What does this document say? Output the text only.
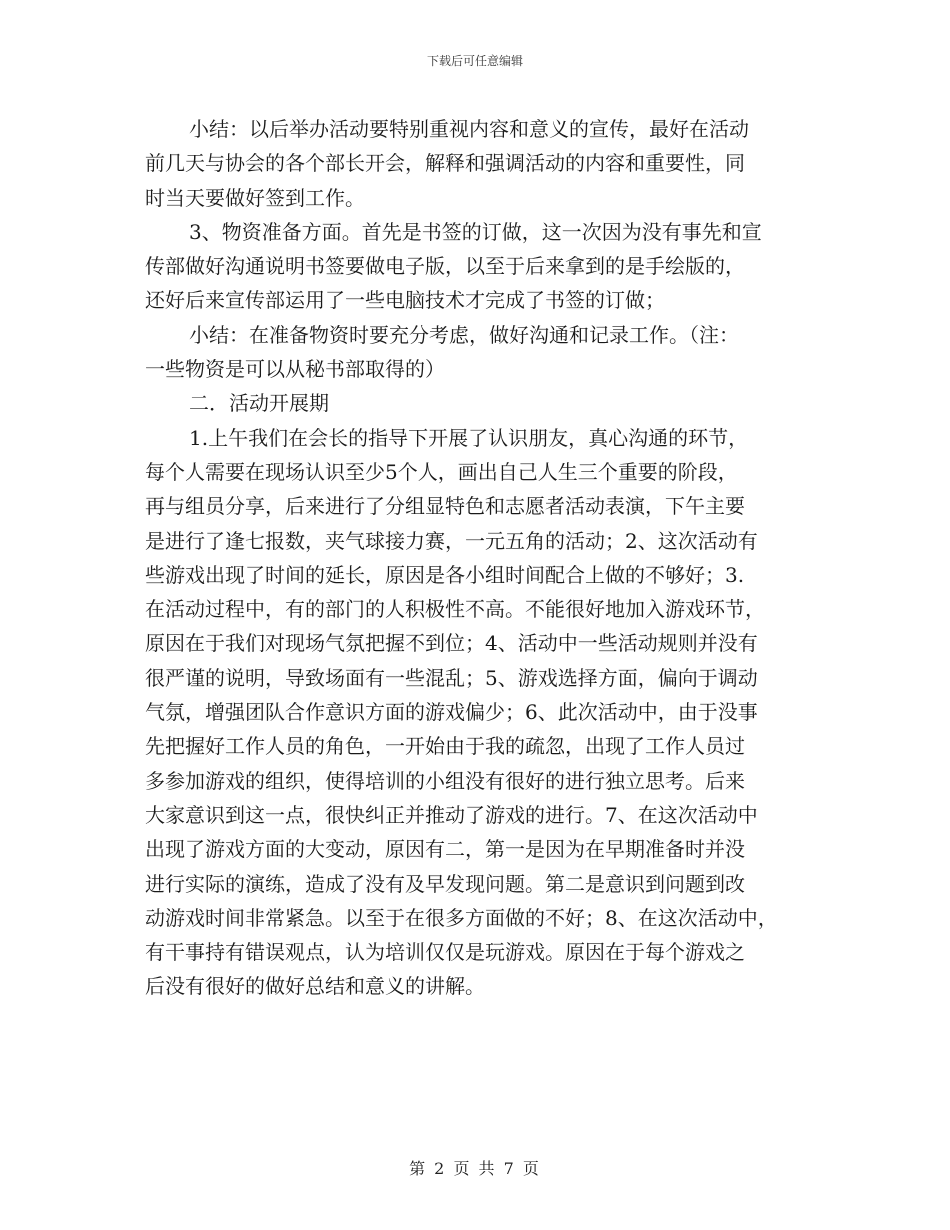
下载后可任意编辑
小结：以后举办活动要特别重视内容和意义的宣传，最好在活动
前几天与协会的各个部长开会，解释和强调活动的内容和重要性，同
时当天要做好签到工作。
3、物资准备方面。首先是书签的订做，这一次因为没有事先和宣
传部做好沟通说明书签要做电子版，以至于后来拿到的是手绘版的，
还好后来宣传部运用了一些电脑技术才完成了书签的订做；
小结：在准备物资时要充分考虑，做好沟通和记录工作。（注：
一些物资是可以从秘书部取得的）
二．活动开展期
1.上午我们在会长的指导下开展了认识朋友，真心沟通的环节，
每个人需要在现场认识至少5个人，画出自己人生三个重要的阶段，
再与组员分享，后来进行了分组显特色和志愿者活动表演，下午主要
是进行了逢七报数，夹气球接力赛，一元五角的活动；2、这次活动有
些游戏出现了时间的延长，原因是各小组时间配合上做的不够好；3.
在活动过程中，有的部门的人积极性不高。不能很好地加入游戏环节，
原因在于我们对现场气氛把握不到位；4、活动中一些活动规则并没有
很严谨的说明，导致场面有一些混乱；5、游戏选择方面，偏向于调动
气氛，增强团队合作意识方面的游戏偏少；6、此次活动中，由于没事
先把握好工作人员的角色，一开始由于我的疏忽，出现了工作人员过
多参加游戏的组织，使得培训的小组没有很好的进行独立思考。后来
大家意识到这一点，很快纠正并推动了游戏的进行。7、在这次活动中
出现了游戏方面的大变动，原因有二，第一是因为在早期准备时并没
进行实际的演练，造成了没有及早发现问题。第二是意识到问题到改
动游戏时间非常紧急。以至于在很多方面做的不好；8、在这次活动中，
有干事持有错误观点，认为培训仅仅是玩游戏。原因在于每个游戏之
后没有很好的做好总结和意义的讲解。
第 2 页 共 7 页
